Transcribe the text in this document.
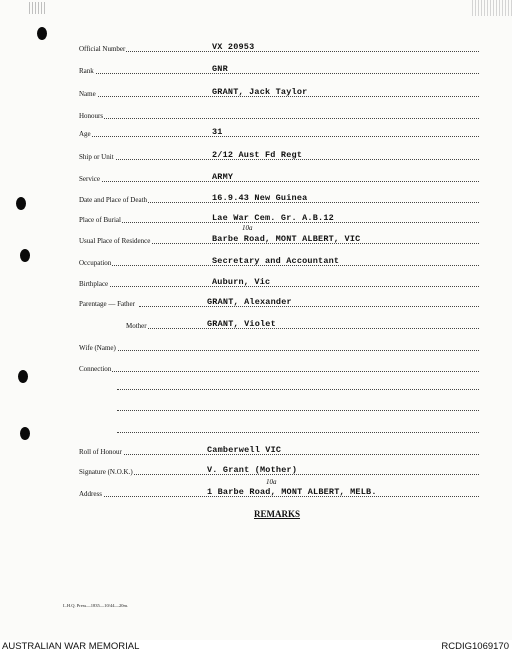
Official Number	VX 20953
Rank	GNR
Name	GRANT, Jack Taylor
Honours
Age	31
Ship or Unit	2/12 Aust Fd Regt
Service	ARMY
Date and Place of Death	16.9.43 New Guinea
Place of Burial	Lae War Cem. Gr. A.B.12
Usual Place of Residence	Barbe Road, MONT ALBERT, VIC
10a
Occupation	Secretary and Accountant
Birthplace	Auburn, Vic
Parentage — Father	GRANT, Alexander
Mother	GRANT, Violet
Wife (Name)
Connection
Roll of Honour	Camberwell VIC
Signature (N.O.K.)	V. Grant (Mother)
Address	1 Barbe Road, MONT ALBERT, MELB.
10a
REMARKS
L.H.Q. Press—1835—10/44—20m.
AUSTRALIAN WAR MEMORIAL	RCDIG1069170
